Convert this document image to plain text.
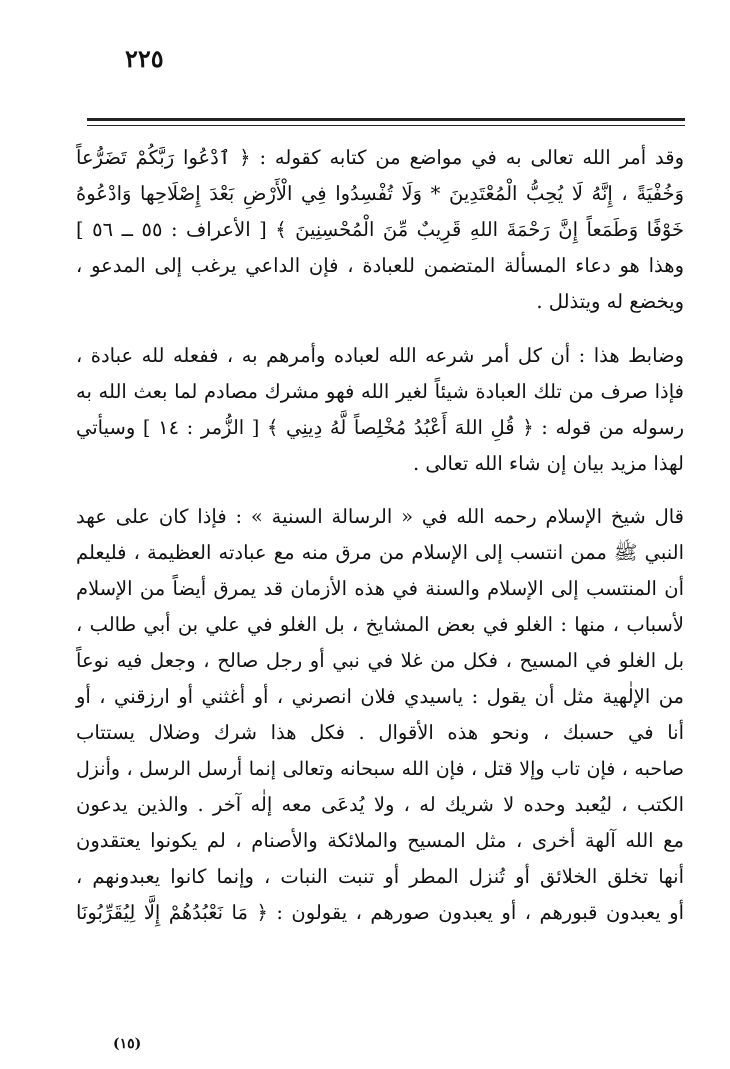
٢٢٥
وقد أمر الله تعالى به في مواضع من كتابه كقوله : ﴿ ٱدْعُوا رَبَّكُمْ تَضَرُّعاً
وَخُفْيَةً ، إِنَّهُ لَا يُحِبُّ الْمُعْتَدِينَ * وَلَا تُفْسِدُوا فِي الْأَرْضِ بَعْدَ إِصْلَاحِها وَادْعُوهُ
خَوْفًا وَطَمَعاً إِنَّ رَحْمَةَ اللهِ قَرِيبٌ مِّنَ الْمُحْسِنِينَ ﴾ [ الأعراف : ٥٥ ــ ٥٦ ]
وهذا هو دعاء المسألة المتضمن للعبادة ، فإن الداعي يرغب إلى المدعو ،
ويخضع له ويتذلل .
وضابط هذا : أن كل أمر شرعه الله لعباده وأمرهم به ، ففعله لله عبادة ،
فإذا صرف من تلك العبادة شيئاً لغير الله فهو مشرك مصادم لما بعث الله به
رسوله من قوله : ﴿ قُلِ اللهَ أَعْبُدُ مُخْلِصاً لَّهُ دِينِي ﴾ [ الزُّمر : ١٤ ] وسيأتي
لهذا مزيد بيان إن شاء الله تعالى .
قال شيخ الإسلام رحمه الله في « الرسالة السنية » : فإذا كان على عهد
النبي ﷺ ممن انتسب إلى الإسلام من مرق منه مع عبادته العظيمة ، فليعلم
أن المنتسب إلى الإسلام والسنة في هذه الأزمان قد يمرق أيضاً من الإسلام
لأسباب ، منها : الغلو في بعض المشايخ ، بل الغلو في علي بن أبي طالب ،
بل الغلو في المسيح ، فكل من غلا في نبي أو رجل صالح ، وجعل فيه نوعاً
من الإلٰهية مثل أن يقول : ياسيدي فلان انصرني ، أو أغثني أو ارزقني ، أو
أنا في حسبك ، ونحو هذه الأقوال . فكل هذا شرك وضلال يستتاب
صاحبه ، فإن تاب وإلا قتل ، فإن الله سبحانه وتعالى إنما أرسل الرسل ، وأنزل
الكتب ، ليُعبد وحده لا شريك له ، ولا يُدعَى معه إلٰه آخر . والذين يدعون
مع الله آلهة أخرى ، مثل المسيح والملائكة والأصنام ، لم يكونوا يعتقدون
أنها تخلق الخلائق أو تُنزل المطر أو تنبت النبات ، وإنما كانوا يعبدونهم ،
أو يعبدون قبورهم ، أو يعبدون صورهم ، يقولون : ﴿ مَا نَعْبُدُهُمْ إِلَّا لِيُقَرِّبُونَا
(١٥)
